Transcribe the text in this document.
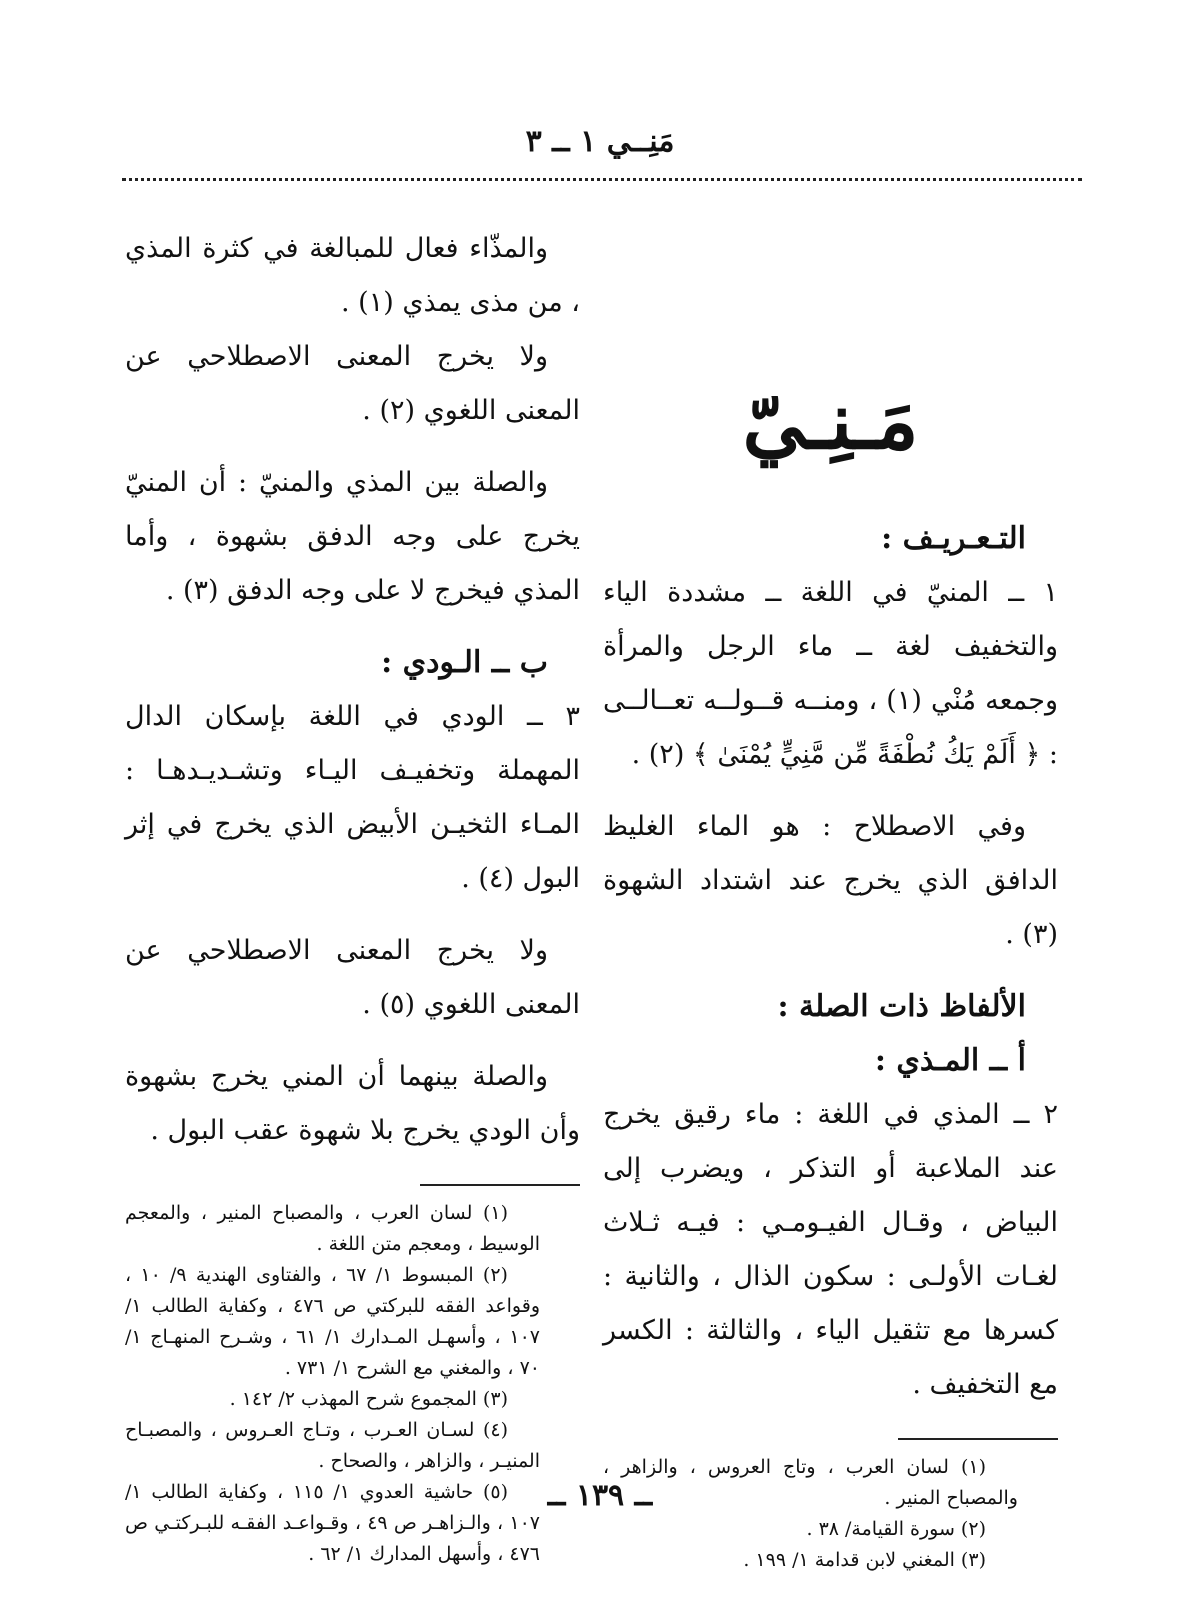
مَنِــي ١ ــ ٣
مَـنِـيّ

التـعـريـف :

١ ــ المنيّ في اللغة ــ مشددة الياء والتخفيف لغة ــ ماء الرجل والمرأة وجمعه مُنْي (١) ، ومنــه قــولــه تعــالــى : ﴿ أَلَمْ يَكُ نُطْفَةً مِّن مَّنِيٍّ يُمْنَىٰ ﴾ (٢) .

وفي الاصطلاح : هو الماء الغليظ الدافق الذي يخرج عند اشتداد الشهوة (٣) .

الألفاظ ذات الصلة :

أ ــ المـذي :

٢ ــ المذي في اللغة : ماء رقيق يخرج عند الملاعبة أو التذكر ، ويضرب إلى البياض ، وقـال الفيـومـي : فيـه ثـلاث لغـات الأولـى : سكون الذال ، والثانية : كسرها مع تثقيل الياء ، والثالثة : الكسر مع التخفيف .

(١) لسان العرب ، وتاج العروس ، والزاهر ، والمصباح المنير .

(٢) سورة القيامة/ ٣٨ .

(٣) المغني لابن قدامة ١/ ١٩٩ .

والمذّاء فعال للمبالغة في كثرة المذي ، من مذى يمذي (١) .

ولا يخرج المعنى الاصطلاحي عن المعنى اللغوي (٢) .

والصلة بين المذي والمنيّ : أن المنيّ يخرج على وجه الدفق بشهوة ، وأما المذي فيخرج لا على وجه الدفق (٣) .

ب ــ الـودي :

٣ ــ الودي في اللغة بإسكان الدال المهملة وتخفيـف اليـاء وتشـديـدهـا : المـاء الثخيـن الأبيض الذي يخرج في إثر البول (٤) .

ولا يخرج المعنى الاصطلاحي عن المعنى اللغوي (٥) .

والصلة بينهما أن المني يخرج بشهوة وأن الودي يخرج بلا شهوة عقب البول .

(١) لسان العرب ، والمصباح المنير ، والمعجم الوسيط ، ومعجم متن اللغة .

(٢) المبسوط ١/ ٦٧ ، والفتاوى الهندية ٩/ ١٠ ، وقواعد الفقه للبركتي ص ٤٧٦ ، وكفاية الطالب ١/ ١٠٧ ، وأسهـل المـدارك ١/ ٦١ ، وشـرح المنهـاج ١/ ٧٠ ، والمغني مع الشرح ١/ ٧٣١ .

(٣) المجموع شرح المهذب ٢/ ١٤٢ .

(٤) لسـان العـرب ، وتـاج العـروس ، والمصبـاح المنيـر ، والزاهر ، والصحاح .

(٥) حاشية العدوي ١/ ١١٥ ، وكفاية الطالب ١/ ١٠٧ ، والـزاهـر ص ٤٩ ، وقـواعـد الفقـه للبـركتـي ص ٤٧٦ ، وأسهل المدارك ١/ ٦٢ .

ــ ١٣٩ ــ
